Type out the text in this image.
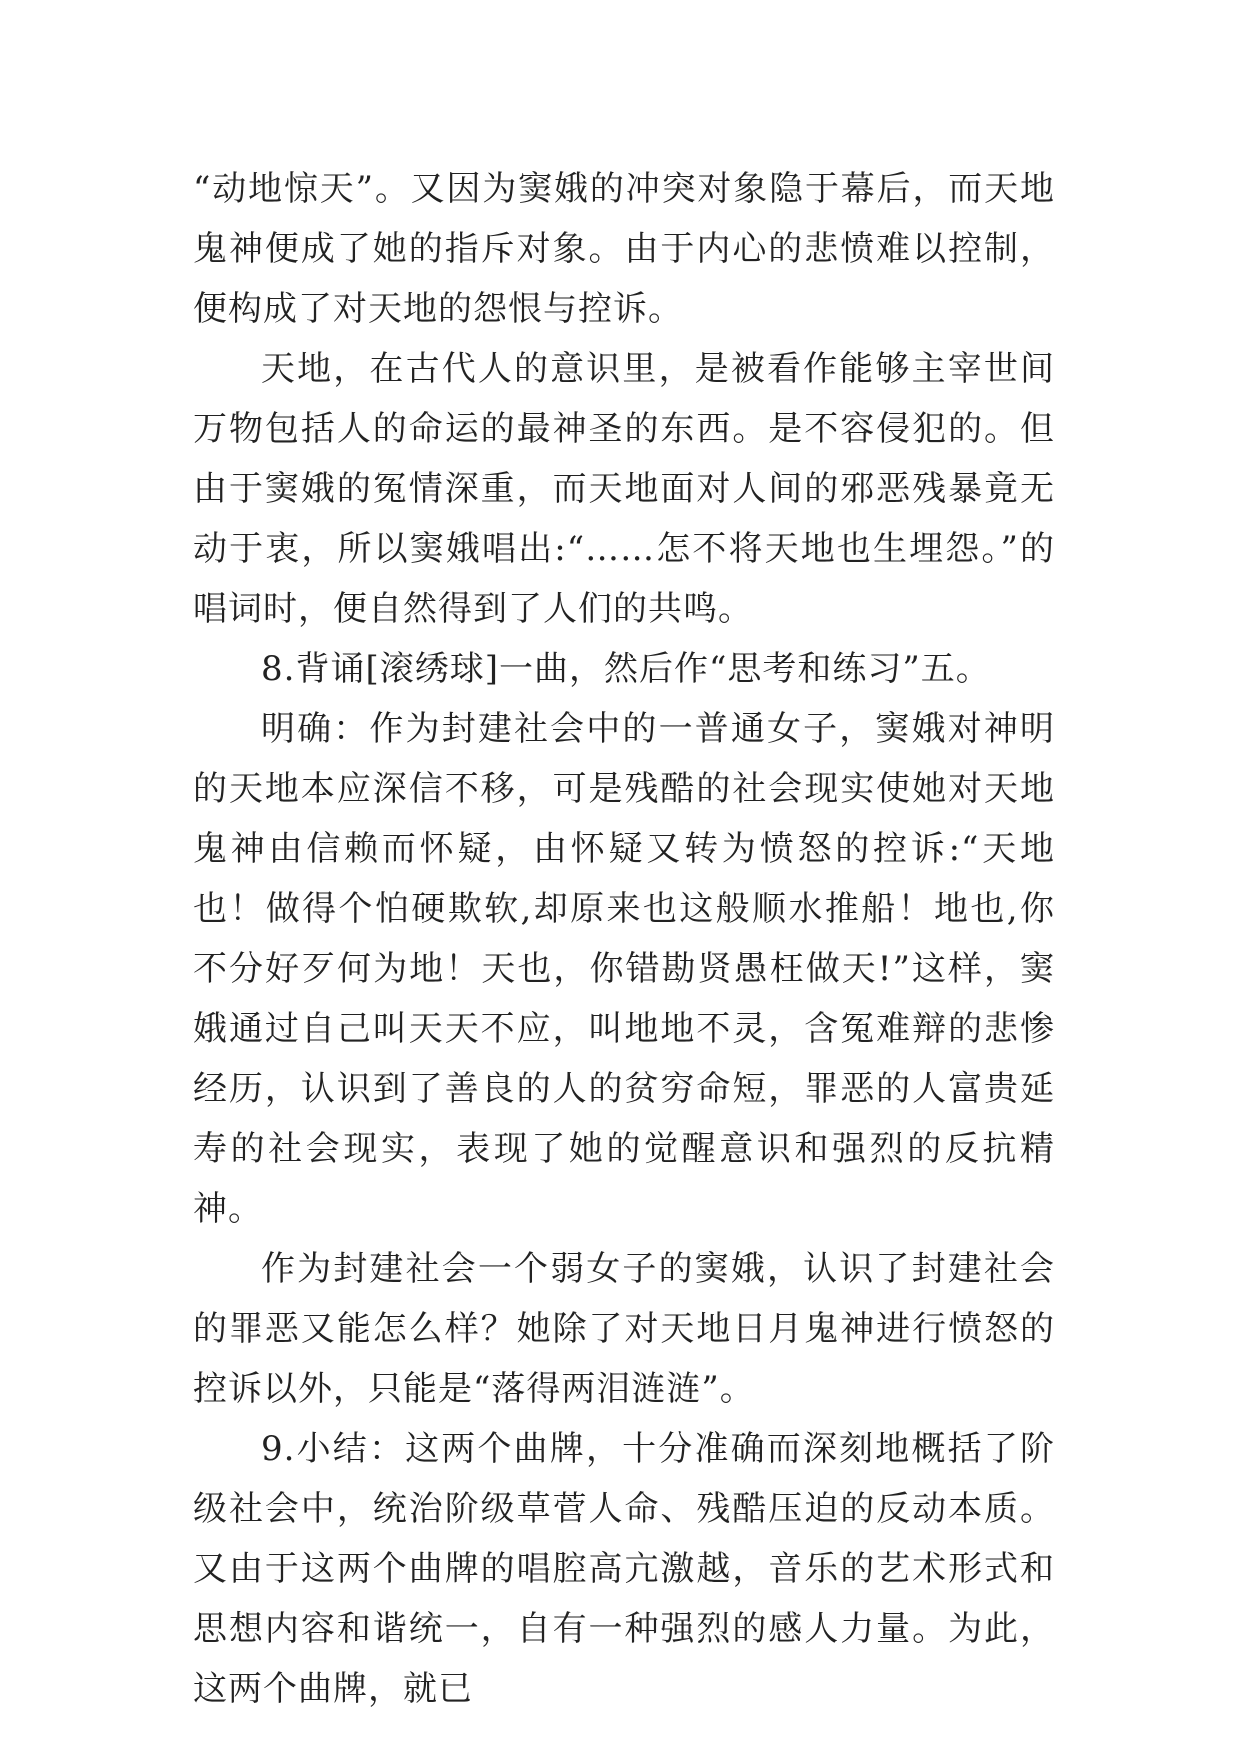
“动地惊天”。又因为窦娥的冲突对象隐于幕后，而天地鬼神便成了她的指斥对象。由于内心的悲愤难以控制，便构成了对天地的怨恨与控诉。

天地，在古代人的意识里，是被看作能够主宰世间万物包括人的命运的最神圣的东西。是不容侵犯的。但由于窦娥的冤情深重，而天地面对人间的邪恶残暴竟无动于衷，所以窦娥唱出:“……怎不将天地也生埋怨。”的唱词时，便自然得到了人们的共鸣。

8.背诵[滚绣球]一曲，然后作“思考和练习”五。

明确：作为封建社会中的一普通女子，窦娥对神明的天地本应深信不移，可是残酷的社会现实使她对天地鬼神由信赖而怀疑，由怀疑又转为愤怒的控诉:“天地也！做得个怕硬欺软,却原来也这般顺水推船！地也,你不分好歹何为地！天也，你错勘贤愚枉做天!”这样，窦娥通过自己叫天天不应，叫地地不灵，含冤难辩的悲惨经历，认识到了善良的人的贫穷命短，罪恶的人富贵延寿的社会现实，表现了她的觉醒意识和强烈的反抗精神。

作为封建社会一个弱女子的窦娥，认识了封建社会的罪恶又能怎么样？她除了对天地日月鬼神进行愤怒的控诉以外，只能是“落得两泪涟涟”。

9.小结：这两个曲牌，十分准确而深刻地概括了阶级社会中，统治阶级草菅人命、残酷压迫的反动本质。又由于这两个曲牌的唱腔高亢激越，音乐的艺术形式和思想内容和谐统一，自有一种强烈的感人力量。为此，这两个曲牌，就已
